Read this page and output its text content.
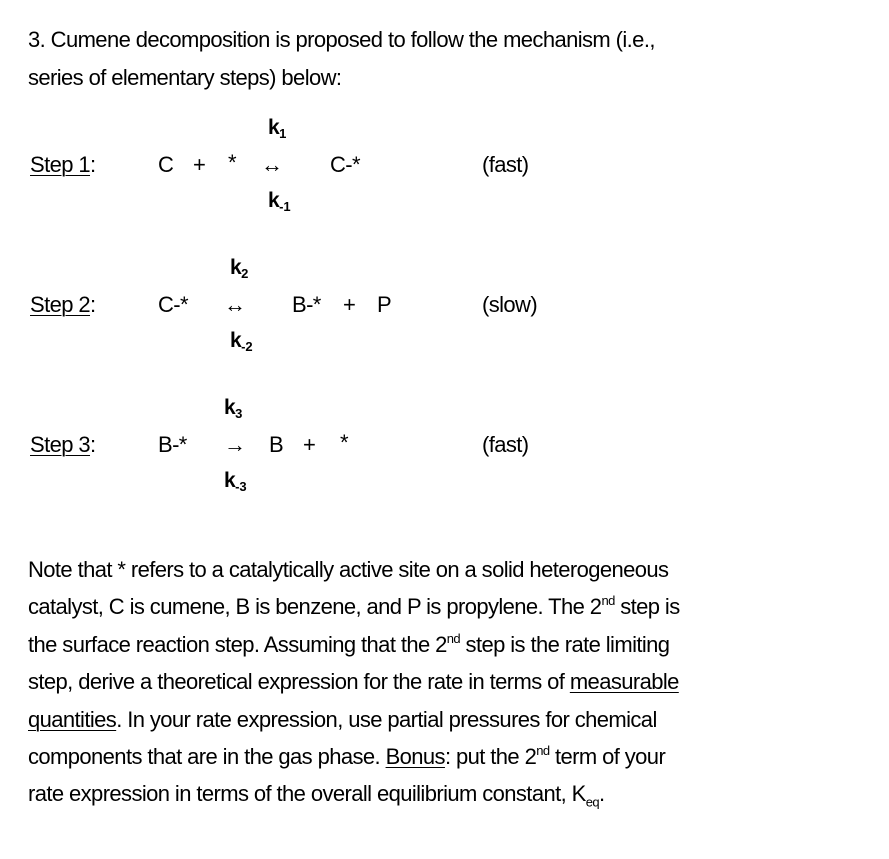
3. Cumene decomposition is proposed to follow the mechanism (i.e.,
series of elementary steps) below:
Step 1:
$k_1$
$k_{-1}$
C + * ↔ C-*	(fast)
Step 2:
$k_2$
$k_{-2}$
C-* ↔ B-* + P	(slow)
Step 3:
$k_3$
$k_{-3}$
B-* → B + *	(fast)
Note that * refers to a catalytically active site on a solid heterogeneous
catalyst, C is cumene, B is benzene, and P is propylene. The 2nd step is
the surface reaction step. Assuming that the 2nd step is the rate limiting
step, derive a theoretical expression for the rate in terms of measurable
quantities. In your rate expression, use partial pressures for chemical
components that are in the gas phase. Bonus: put the 2nd term of your
rate expression in terms of the overall equilibrium constant, $K_{eq}$.
